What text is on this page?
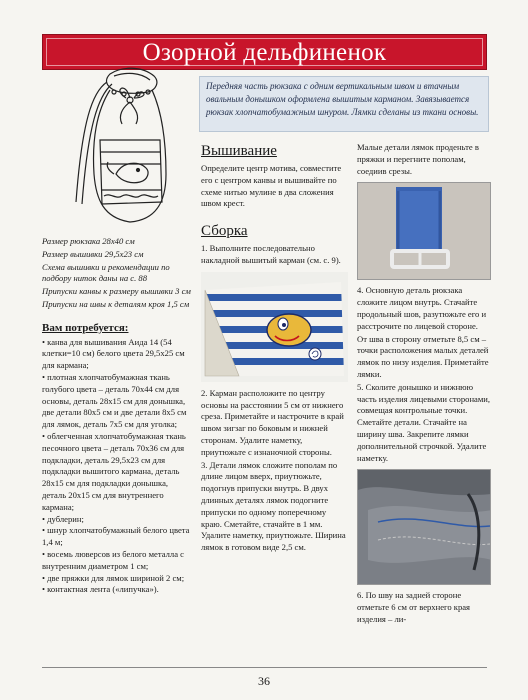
Озорной дельфиненок
Передняя часть рюкзака с одним вертикальным швом и втачным овальным донышком оформлена вышитым карманом. Завязывается рюкзак хлопчатобумажным шнуром. Лямки сделаны из ткани основы.

Размер рюкзака 28х40 см

Размер вышивки 29,5х23 см

Схема вышивки и рекомендации по подбору ниток даны на с. 88

Припуски канвы к размеру вышивки 3 см

Припуски на швы к деталям кроя 1,5 см

Вам потребуется:
• канва для вышивания Аида 14 (54 клетки=10 см) белого цвета 29,5х25 см для кармана;
• плотная хлопчатобумажная ткань голубого цвета – деталь 70х44 см для основы, деталь 28х15 см для донышка, две детали 80х5 см и две детали 8х5 см для лямок, деталь 7х5 см для уголка;
• облегченная хлопчатобумажная ткань песочного цвета – деталь 70х36 см для подкладки, деталь 29,5х23 см для подкладки вышитого кармана, деталь 28х15 см для подкладки донышка, деталь 20х15 см для внутреннего кармана;
• дублерин;
• шнур хлопчатобумажный белого цвета 1,4 м;
• восемь люверсов из белого металла с внутренним диаметром 1 см;
• две пряжки для лямок шириной 2 см;
• контактная лента («липучка»).
Вышивание

Определите центр мотива, совместите его с центром канвы и вышивайте по схеме нитью мулине в два сложения швом крест.

Сборка

1. Выполните последовательно накладной вышитый карман (см. с. 9).

2. Карман расположите по центру основы на расстоянии 5 см от нижнего среза. Приметайте и настрочите в край швом зигзаг по боковым и нижней сторонам. Удалите наметку, приутюжьте с изнаночной стороны.

3. Детали лямок сложите пополам по длине лицом вверх, приутюжьте, подогнув припуски внутрь. В двух длинных деталях лямок подогните припуски по одному поперечному краю. Сметайте, стачайте в 1 мм. Удалите наметку, приутюжьте. Ширина лямок в готовом виде 2,5 см.

Малые детали лямок проденьте в пряжки и перегните пополам, соедиив срезы.

4. Основную деталь рюкзака сложите лицом внутрь. Стачайте продольный шов, разутюжьте его и расстрочите по лицевой стороне.

От шва в сторону отметьте 8,5 см – точки расположения малых деталей лямок по низу изделия. Приметайте лямки.

5. Сколите донышко и нижнюю часть изделия лицевыми сторонами, совмещая контрольные точки. Сметайте детали. Стачайте на ширину шва. Закрепите лямки дополнительной строчкой. Удалите наметку.

6. По шву на задней стороне отметьте 6 см от верхнего края изделия – ли-

36
